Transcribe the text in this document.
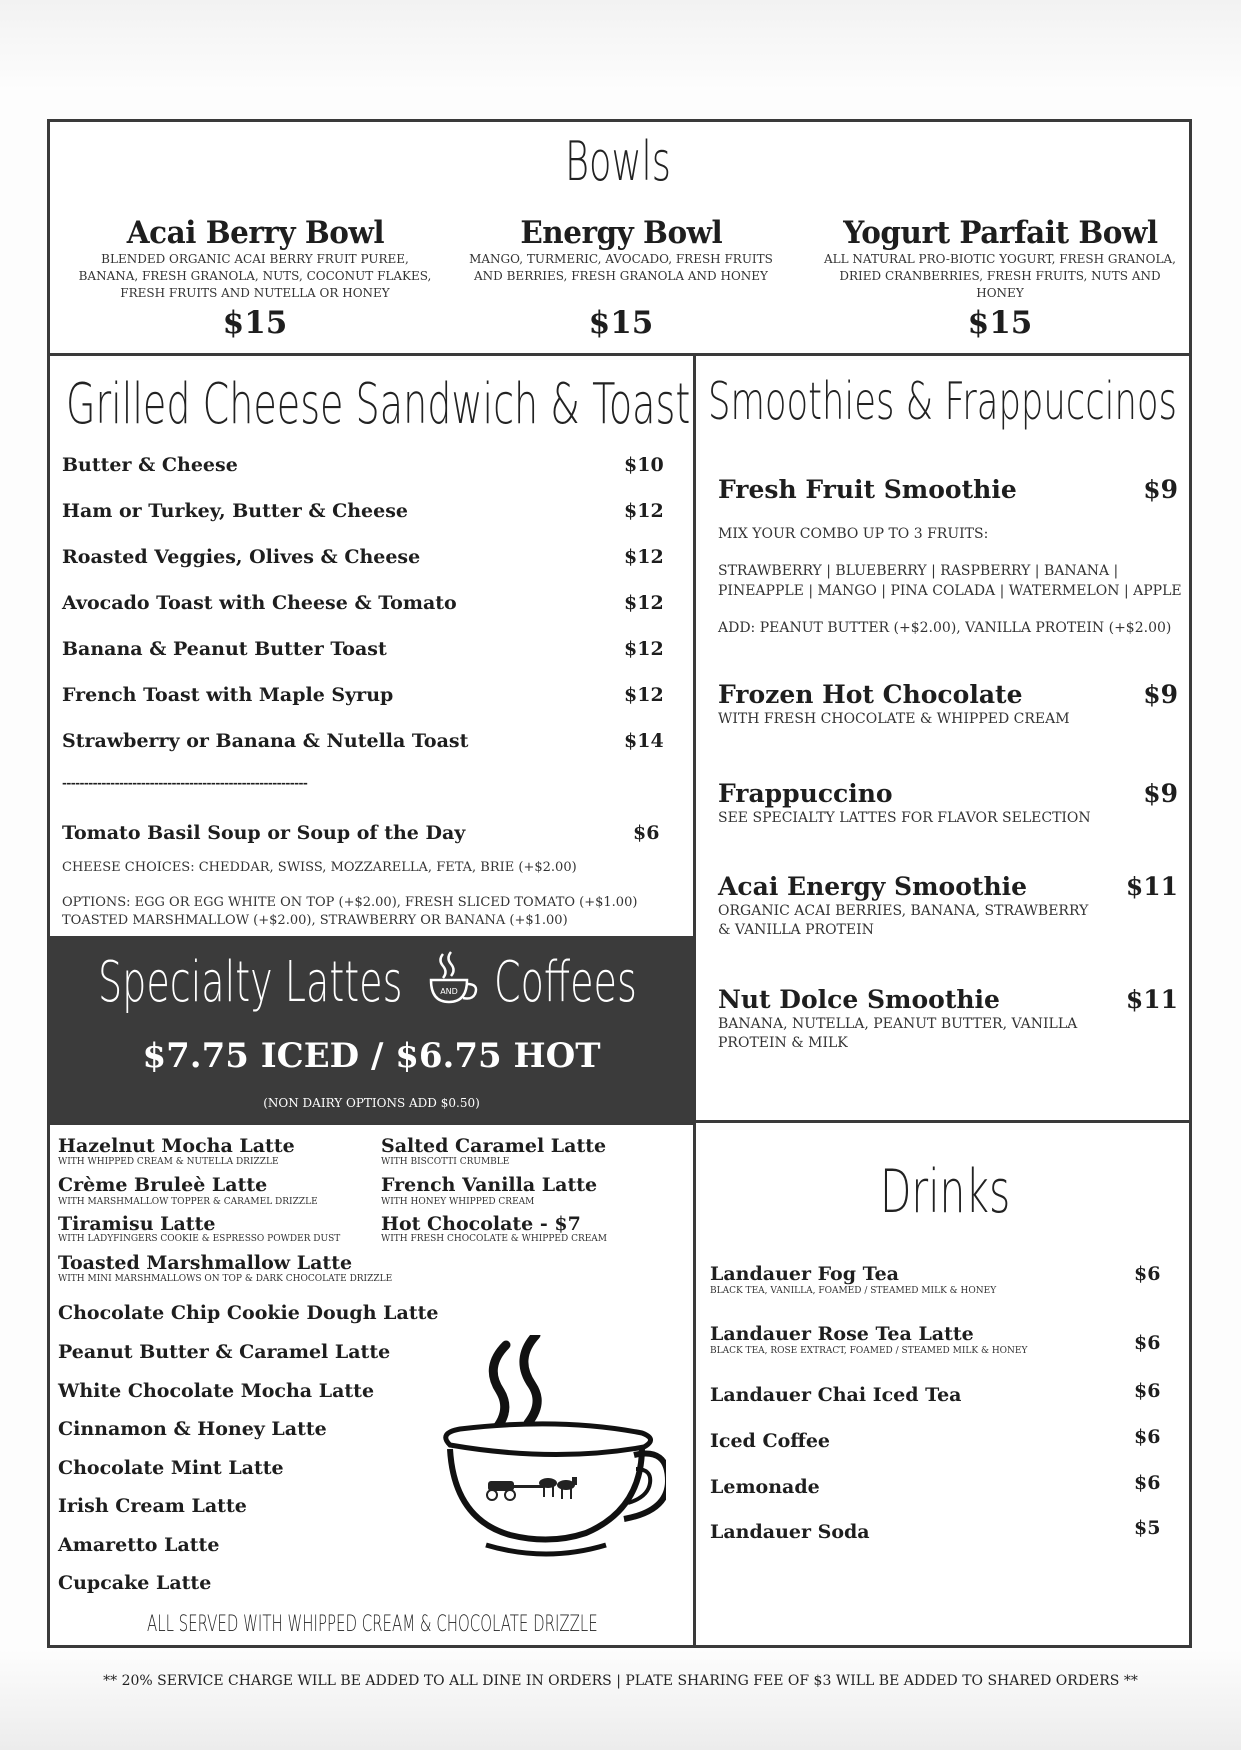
Bowls
Acai Berry Bowl
BLENDED ORGANIC ACAI BERRY FRUIT PUREE, BANANA, FRESH GRANOLA, NUTS, COCONUT FLAKES, FRESH FRUITS AND NUTELLA OR HONEY
$15
Energy Bowl
MANGO, TURMERIC, AVOCADO, FRESH FRUITS AND BERRIES, FRESH GRANOLA AND HONEY
$15
Yogurt Parfait Bowl
ALL NATURAL PRO-BIOTIC YOGURT, FRESH GRANOLA, DRIED CRANBERRIES, FRESH FRUITS, NUTS AND HONEY
$15
Grilled Cheese Sandwich & Toast
Butter & Cheese	$10
Ham or Turkey, Butter & Cheese	$12
Roasted Veggies, Olives & Cheese	$12
Avocado Toast with Cheese & Tomato	$12
Banana & Peanut Butter Toast	$12
French Toast with Maple Syrup	$12
Strawberry or Banana & Nutella Toast	$14
--------------------------------------------------------
Tomato Basil Soup or Soup of the Day	$6
CHEESE CHOICES: CHEDDAR, SWISS, MOZZARELLA, FETA, BRIE (+$2.00)
OPTIONS: EGG OR EGG WHITE ON TOP (+$2.00), FRESH SLICED TOMATO (+$1.00)
TOASTED MARSHMALLOW (+$2.00), STRAWBERRY OR BANANA (+$1.00)
Smoothies & Frappuccinos
Fresh Fruit Smoothie	$9
MIX YOUR COMBO UP TO 3 FRUITS:
STRAWBERRY | BLUEBERRY | RASPBERRY | BANANA |
PINEAPPLE | MANGO | PINA COLADA | WATERMELON | APPLE
ADD: PEANUT BUTTER (+$2.00), VANILLA PROTEIN (+$2.00)
Frozen Hot Chocolate	$9
WITH FRESH CHOCOLATE & WHIPPED CREAM
Frappuccino	$9
SEE SPECIALTY LATTES FOR FLAVOR SELECTION
Acai Energy Smoothie	$11
ORGANIC ACAI BERRIES, BANANA, STRAWBERRY
& VANILLA PROTEIN
Nut Dolce Smoothie	$11
BANANA, NUTELLA, PEANUT BUTTER, VANILLA
PROTEIN & MILK
Specialty Lattes	AND Coffees
$7.75 ICED / $6.75 HOT
(NON DAIRY OPTIONS ADD $0.50)
Hazelnut Mocha Latte
WITH WHIPPED CREAM & NUTELLA DRIZZLE
Crème Bruleè Latte
WITH MARSHMALLOW TOPPER & CARAMEL DRIZZLE
Tiramisu Latte
WITH LADYFINGERS COOKIE & ESPRESSO POWDER DUST
Toasted Marshmallow Latte
WITH MINI MARSHMALLOWS ON TOP & DARK CHOCOLATE DRIZZLE
Salted Caramel Latte
WITH BISCOTTI CRUMBLE
French Vanilla Latte
WITH HONEY WHIPPED CREAM
Hot Chocolate - $7
WITH FRESH CHOCOLATE & WHIPPED CREAM
Chocolate Chip Cookie Dough Latte
Peanut Butter & Caramel Latte
White Chocolate Mocha Latte
Cinnamon & Honey Latte
Chocolate Mint Latte
Irish Cream Latte
Amaretto Latte
Cupcake Latte
ALL SERVED WITH WHIPPED CREAM & CHOCOLATE DRIZZLE
Drinks
Landauer Fog Tea	$6
BLACK TEA, VANILLA, FOAMED / STEAMED MILK & HONEY
Landauer Rose Tea Latte	$6
BLACK TEA, ROSE EXTRACT, FOAMED / STEAMED MILK & HONEY
Landauer Chai Iced Tea	$6
Iced Coffee	$6
Lemonade	$6
Landauer Soda	$5
** 20% SERVICE CHARGE WILL BE ADDED TO ALL DINE IN ORDERS | PLATE SHARING FEE OF $3 WILL BE ADDED TO SHARED ORDERS **
